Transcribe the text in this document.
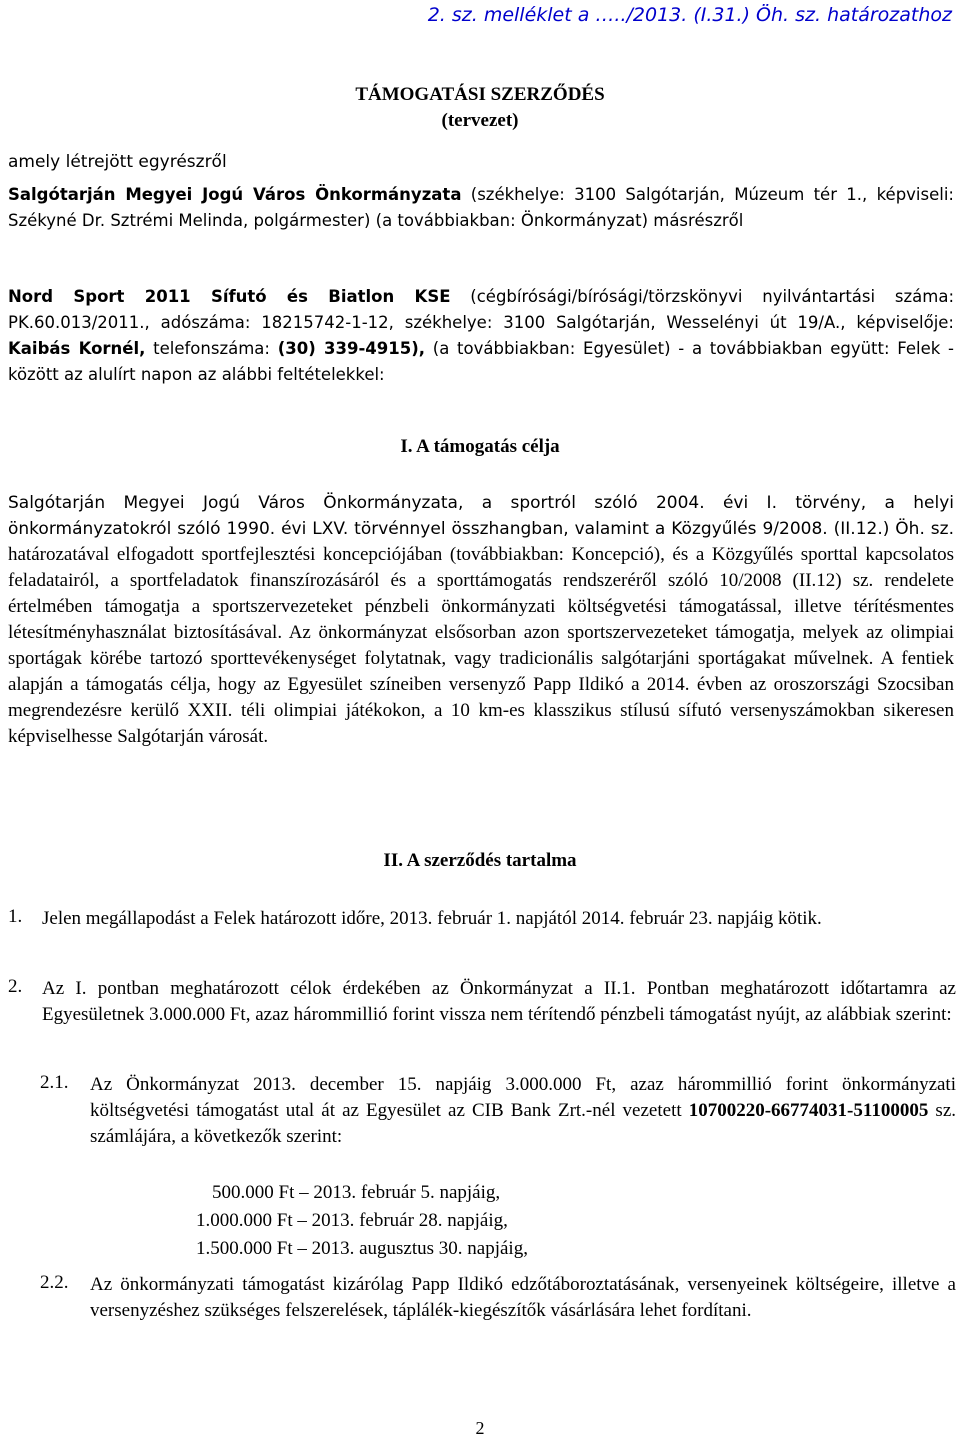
2. sz. melléklet a …../2013. (I.31.) Öh. sz. határozathoz
TÁMOGATÁSI SZERZŐDÉS
(tervezet)
amely létrejött egyrészről
Salgótarján Megyei Jogú Város Önkormányzata (székhelye: 3100 Salgótarján, Múzeum tér 1., képviseli: Székyné Dr. Sztrémi Melinda, polgármester) (a továbbiakban: Önkormányzat) másrészről
Nord Sport 2011 Sífutó és Biatlon KSE (cégbírósági/bírósági/törzskönyvi nyilvántartási száma: PK.60.013/2011., adószáma: 18215742-1-12, székhelye: 3100 Salgótarján, Wesselényi út 19/A., képviselője: Kaibás Kornél, telefonszáma: (30) 339-4915), (a továbbiakban: Egyesület) - a továbbiakban együtt: Felek - között az alulírt napon az alábbi feltételekkel:
I. A támogatás célja
Salgótarján Megyei Jogú Város Önkormányzata, a sportról szóló 2004. évi I. törvény, a helyi önkormányzatokról szóló 1990. évi LXV. törvénnyel összhangban, valamint a Közgyűlés 9/2008. (II.12.) Öh. sz. határozatával elfogadott sportfejlesztési koncepciójában (továbbiakban: Koncepció), és a Közgyűlés sporttal kapcsolatos feladatairól, a sportfeladatok finanszírozásáról és a sporttámogatás rendszeréről szóló 10/2008 (II.12) sz. rendelete értelmében támogatja a sportszervezeteket pénzbeli önkormányzati költségvetési támogatással, illetve térítésmentes létesítményhasználat biztosításával. Az önkormányzat elsősorban azon sportszervezeteket támogatja, melyek az olimpiai sportágak körébe tartozó sporttevékenységet folytatnak, vagy tradicionális salgótarjáni sportágakat művelnek. A fentiek alapján a támogatás célja, hogy az Egyesület színeiben versenyző Papp Ildikó a 2014. évben az oroszországi Szocsiban megrendezésre kerülő XXII. téli olimpiai játékokon, a 10 km-es klasszikus stílusú sífutó versenyszámokban sikeresen képviselhesse Salgótarján városát.
II. A szerződés tartalma
1. Jelen megállapodást a Felek határozott időre, 2013. február 1. napjától 2014. február 23. napjáig kötik.
2. Az I. pontban meghatározott célok érdekében az Önkormányzat a II.1. Pontban meghatározott időtartamra az Egyesületnek 3.000.000 Ft, azaz hárommillió forint vissza nem térítendő pénzbeli támogatást nyújt, az alábbiak szerint:
2.1. Az Önkormányzat 2013. december 15. napjáig 3.000.000 Ft, azaz hárommillió forint önkormányzati költségvetési támogatást utal át az Egyesület az CIB Bank Zrt.-nél vezetett 10700220-66774031-51100005 sz. számlájára, a következők szerint:
500.000 Ft – 2013. február 5. napjáig,
1.000.000 Ft – 2013. február 28. napjáig,
1.500.000 Ft – 2013. augusztus 30. napjáig,
2.2. Az önkormányzati támogatást kizárólag Papp Ildikó edzőtáboroztatásának, versenyeinek költségeire, illetve a versenyzéshez szükséges felszerelések, táplálék-kiegészítők vásárlására lehet fordítani.
2
